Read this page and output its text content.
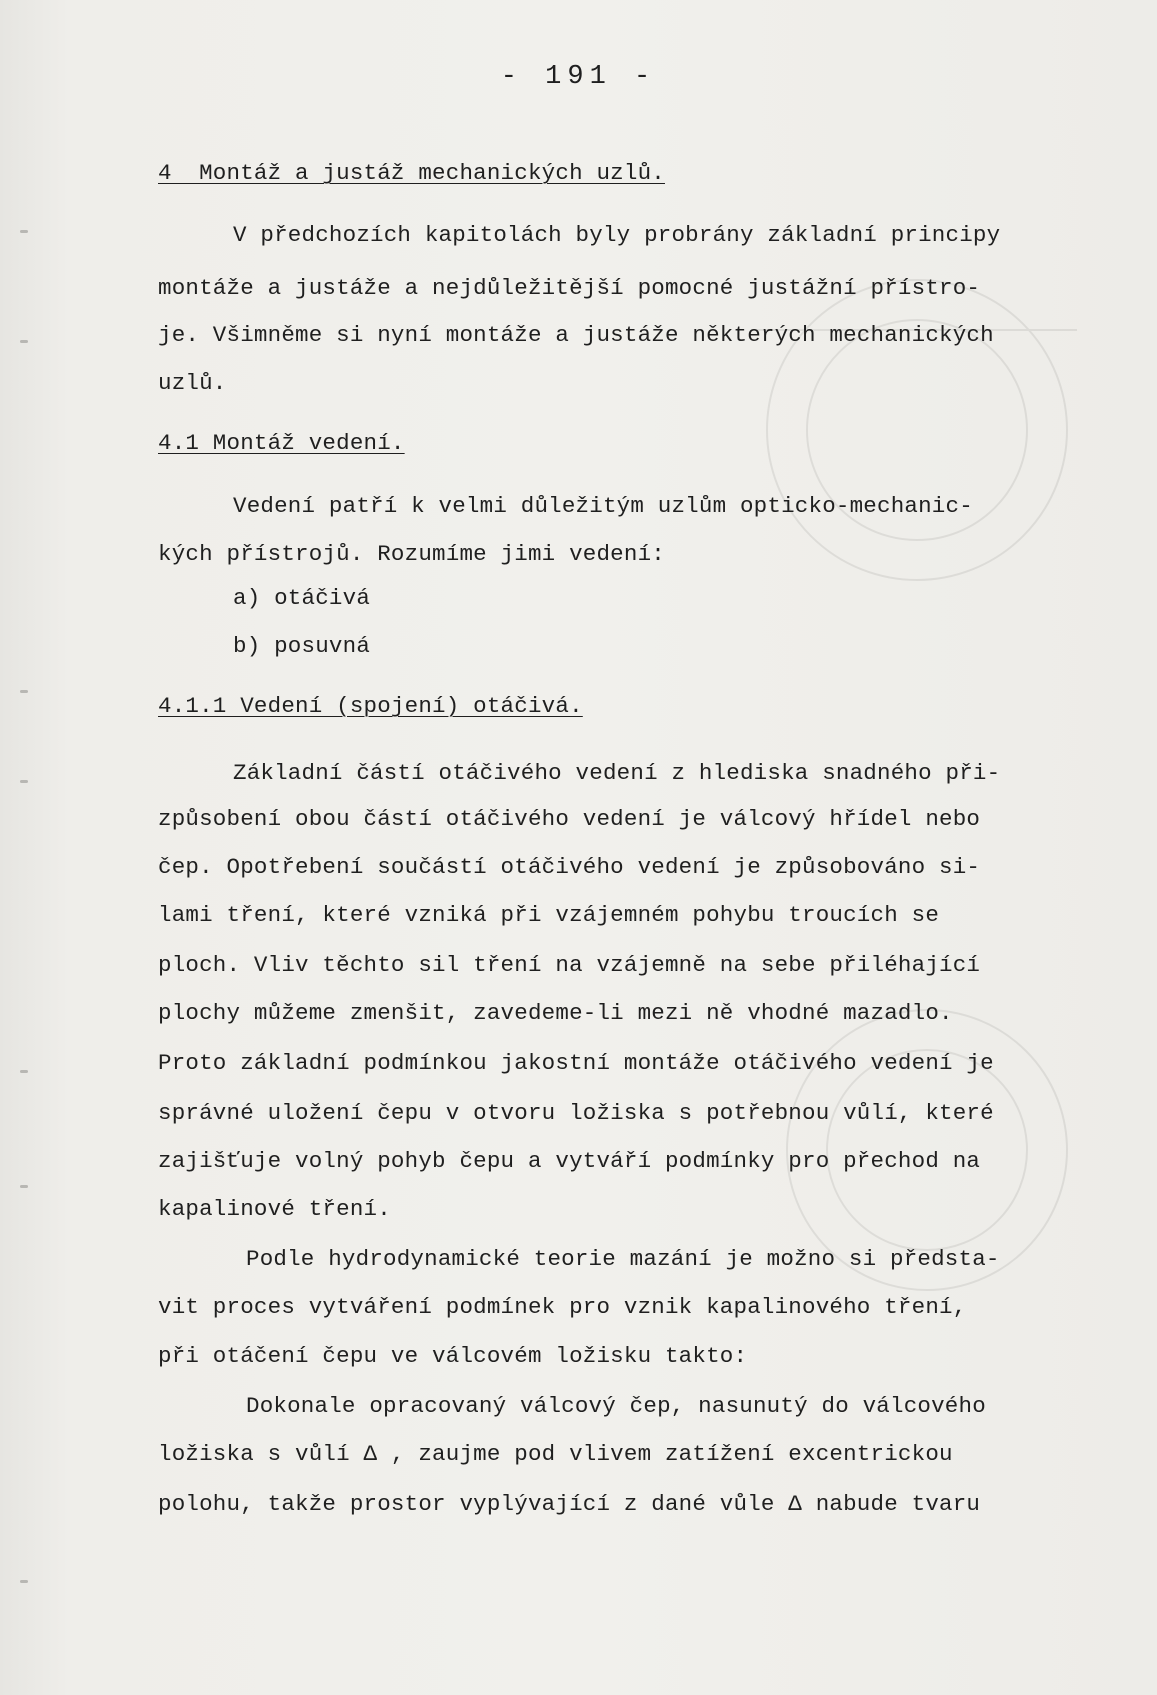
- 191 -
4  Montáž a justáž mechanických uzlů.
V předchozích kapitolách byly probrány základní principy
montáže a justáže a nejdůležitější pomocné justážní přístro-
je. Všimněme si nyní montáže a justáže některých mechanických
uzlů.
4.1 Montáž vedení.
Vedení patří k velmi důležitým uzlům opticko-mechanic-
kých přístrojů. Rozumíme jimi vedení:
a) otáčivá
b) posuvná
4.1.1 Vedení (spojení) otáčivá.
Základní částí otáčivého vedení z hlediska snadného při-
způsobení obou částí otáčivého vedení je válcový hřídel nebo
čep. Opotřebení součástí otáčivého vedení je způsobováno si-
lami tření, které vzniká při vzájemném pohybu troucích se
ploch. Vliv těchto sil tření na vzájemně na sebe přiléhající
plochy můžeme zmenšit, zavedeme-li mezi ně vhodné mazadlo.
Proto základní podmínkou jakostní montáže otáčivého vedení je
správné uložení čepu v otvoru ložiska s potřebnou vůlí, které
zajišťuje volný pohyb čepu a vytváří podmínky pro přechod na
kapalinové tření.
Podle hydrodynamické teorie mazání je možno si předsta-
vit proces vytváření podmínek pro vznik kapalinového tření,
při otáčení čepu ve válcovém ložisku takto:
Dokonale opracovaný válcový čep, nasunutý do válcového
ložiska s vůlí Δ , zaujme pod vlivem zatížení excentrickou
polohu, takže prostor vyplývající z dané vůle Δ nabude tvaru
